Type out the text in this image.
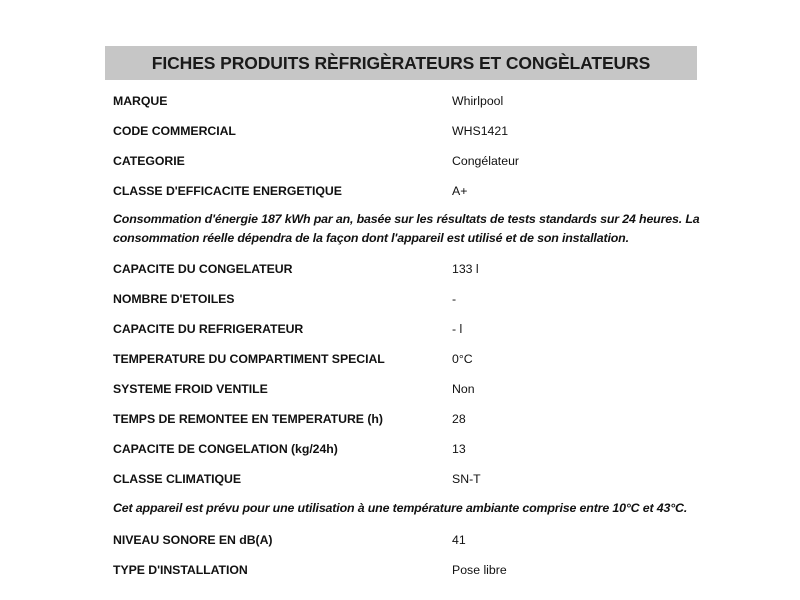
FICHES PRODUITS RÈFRIGÈRATEURS ET CONGÈLATEURS
MARQUE	Whirlpool
CODE COMMERCIAL	WHS1421
CATEGORIE	Congélateur
CLASSE D'EFFICACITE ENERGETIQUE	A+
Consommation d'énergie 187 kWh par an, basée sur les résultats de tests standards sur 24 heures. La consommation réelle dépendra de la façon dont l'appareil est utilisé et de son installation.
CAPACITE DU CONGELATEUR	133 l
NOMBRE D'ETOILES	-
CAPACITE DU REFRIGERATEUR	- l
TEMPERATURE DU COMPARTIMENT SPECIAL	0°C
SYSTEME FROID VENTILE	Non
TEMPS DE REMONTEE EN TEMPERATURE (h)	28
CAPACITE DE CONGELATION (kg/24h)	13
CLASSE CLIMATIQUE	SN-T
Cet appareil est prévu pour une utilisation à une température ambiante comprise entre 10°C et 43°C.
NIVEAU SONORE EN dB(A)	41
TYPE D'INSTALLATION	Pose libre
